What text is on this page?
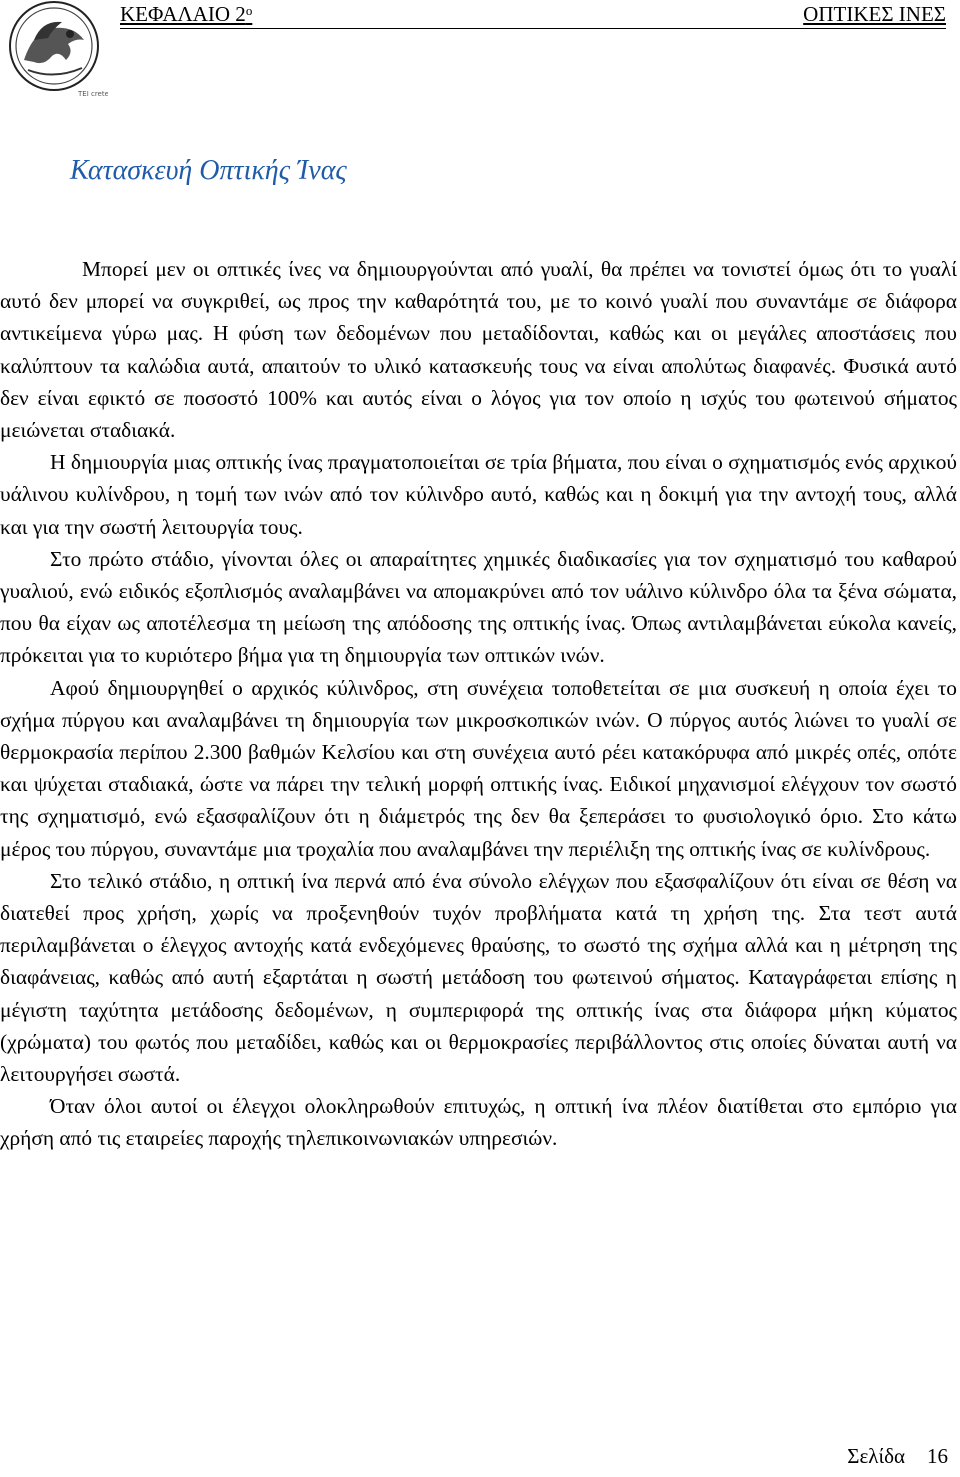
TEI crete
ΚΕΦΑΛΑΙΟ $2^o$	ΟΠΤΙΚΕΣ ΙΝΕΣ
Κατασκευή Οπτικής Ίνας

Μπορεί μεν οι οπτικές ίνες να δημιουργούνται από γυαλί, θα πρέπει να τονιστεί όμως ότι το γυαλί αυτό δεν μπορεί να συγκριθεί, ως προς την καθαρότητά του, με το κοινό γυαλί που συναντάμε σε διάφορα αντικείμενα γύρω μας. Η φύση των δεδομένων που μεταδίδονται, καθώς και οι μεγάλες αποστάσεις που καλύπτουν τα καλώδια αυτά, απαιτούν το υλικό κατασκευής τους να είναι απολύτως διαφανές. Φυσικά αυτό δεν είναι εφικτό σε ποσοστό 100% και αυτός είναι ο λόγος για τον οποίο η ισχύς του φωτεινού σήματος μειώνεται σταδιακά.

Η δημιουργία μιας οπτικής ίνας πραγματοποιείται σε τρία βήματα, που είναι ο σχηματισμός ενός αρχικού υάλινου κυλίνδρου, η τομή των ινών από τον κύλινδρο αυτό, καθώς και η δοκιμή για την αντοχή τους, αλλά και για την σωστή λειτουργία τους.

Στο πρώτο στάδιο, γίνονται όλες οι απαραίτητες χημικές διαδικασίες για τον σχηματισμό του καθαρού γυαλιού, ενώ ειδικός εξοπλισμός αναλαμβάνει να απομακρύνει από τον υάλινο κύλινδρο όλα τα ξένα σώματα, που θα είχαν ως αποτέλεσμα τη μείωση της απόδοσης της οπτικής ίνας. Όπως αντιλαμβάνεται εύκολα κανείς, πρόκειται για το κυριότερο βήμα για τη δημιουργία των οπτικών ινών.

Αφού δημιουργηθεί ο αρχικός κύλινδρος, στη συνέχεια τοποθετείται σε μια συσκευή η οποία έχει το σχήμα πύργου και αναλαμβάνει τη δημιουργία των μικροσκοπικών ινών. Ο πύργος αυτός λιώνει το γυαλί σε θερμοκρασία περίπου 2.300 βαθμών Κελσίου και στη συνέχεια αυτό ρέει κατακόρυφα από μικρές οπές, οπότε και ψύχεται σταδιακά, ώστε να πάρει την τελική μορφή οπτικής ίνας. Ειδικοί μηχανισμοί ελέγχουν τον σωστό της σχηματισμό, ενώ εξασφαλίζουν ότι η διάμετρός της δεν θα ξεπεράσει το φυσιολογικό όριο. Στο κάτω μέρος του πύργου, συναντάμε μια τροχαλία που αναλαμβάνει την περιέλιξη της οπτικής ίνας σε κυλίνδρους.

Στο τελικό στάδιο, η οπτική ίνα περνά από ένα σύνολο ελέγχων που εξασφαλίζουν ότι είναι σε θέση να διατεθεί προς χρήση, χωρίς να προξενηθούν τυχόν προβλήματα κατά τη χρήση της. Στα τεστ αυτά περιλαμβάνεται ο έλεγχος αντοχής κατά ενδεχόμενες θραύσης, το σωστό της σχήμα αλλά και η μέτρηση της διαφάνειας, καθώς από αυτή εξαρτάται η σωστή μετάδοση του φωτεινού σήματος. Καταγράφεται επίσης η μέγιστη ταχύτητα μετάδοσης δεδομένων, η συμπεριφορά της οπτικής ίνας στα διάφορα μήκη κύματος (χρώματα) του φωτός που μεταδίδει, καθώς και οι θερμοκρασίες περιβάλλοντος στις οποίες δύναται αυτή να λειτουργήσει σωστά.

Όταν όλοι αυτοί οι έλεγχοι ολοκληρωθούν επιτυχώς, η οπτική ίνα πλέον διατίθεται στο εμπόριο για χρήση από τις εταιρείες παροχής τηλεπικοινωνιακών υπηρεσιών.

Σελίδα 16
